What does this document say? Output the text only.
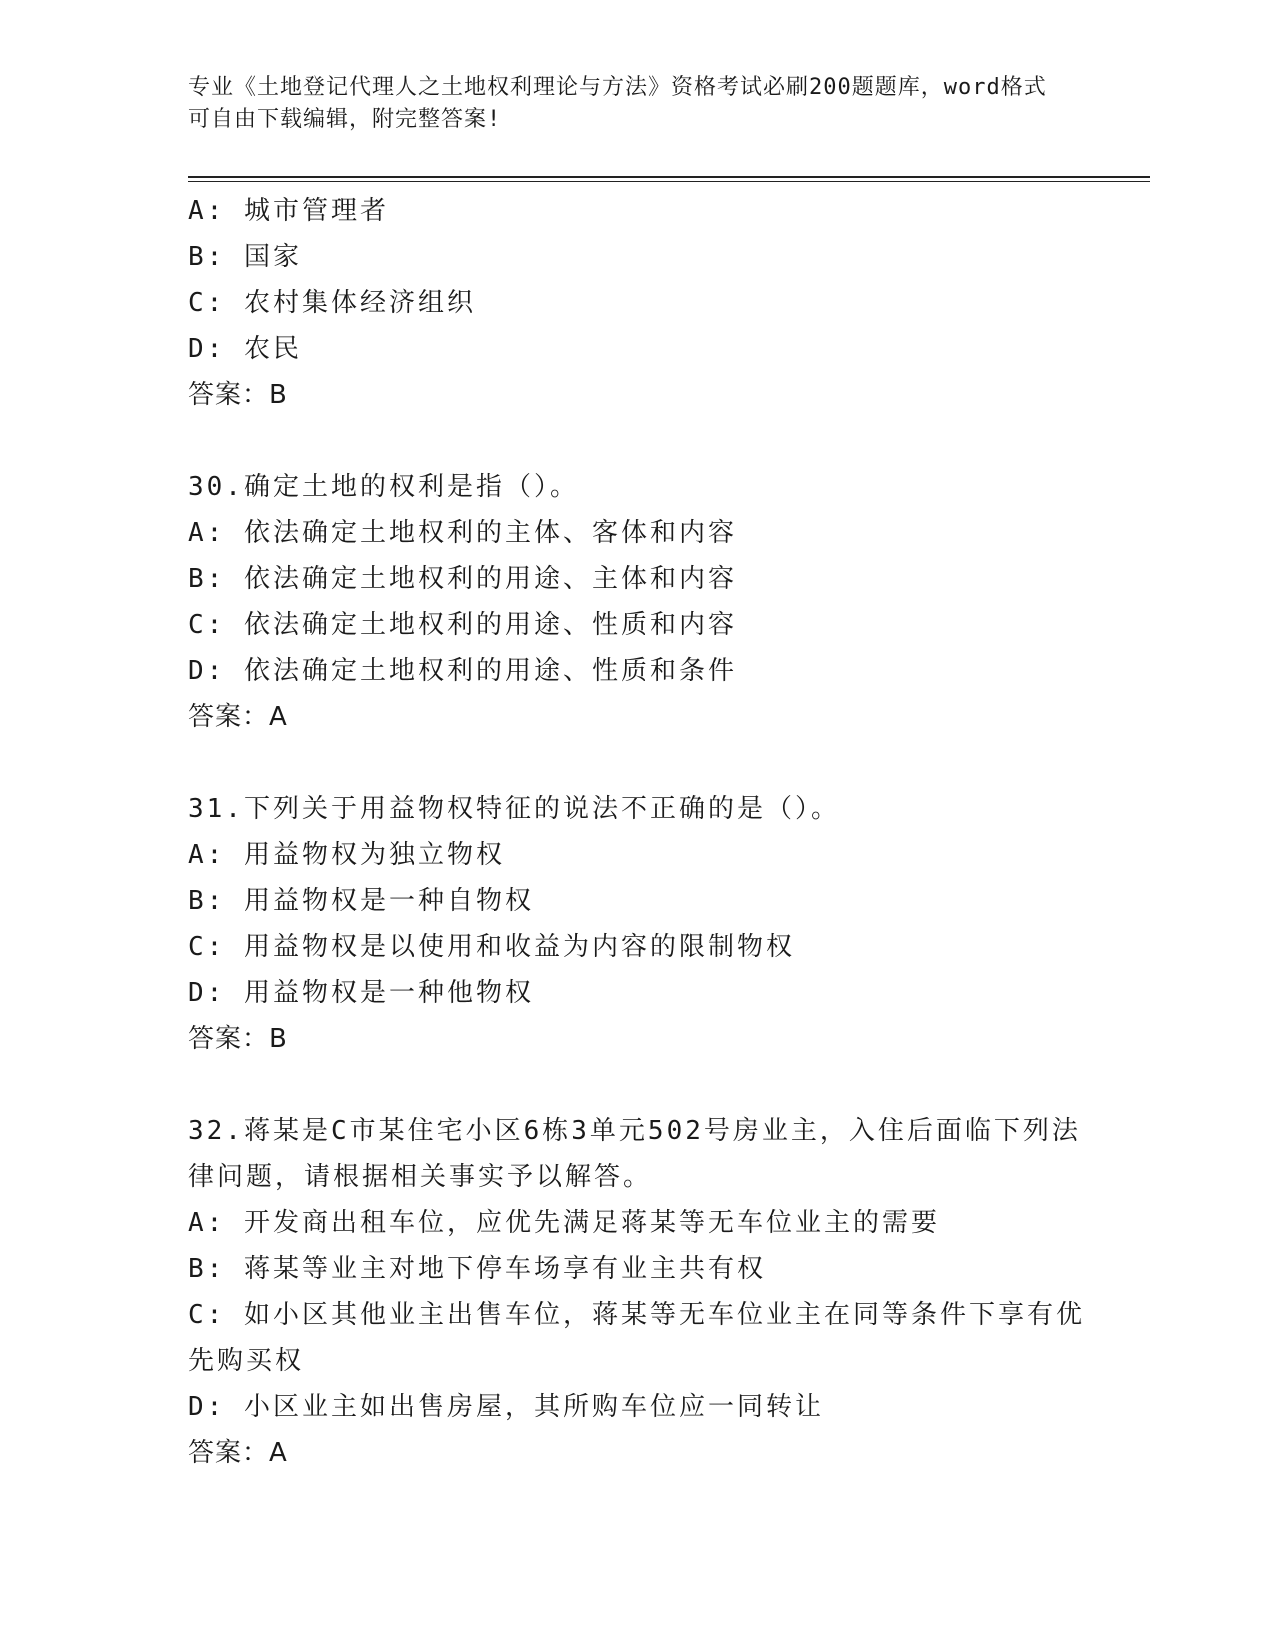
专业《土地登记代理人之土地权利理论与方法》资格考试必刷200题题库，word格式可自由下载编辑，附完整答案!
A: 城市管理者
B: 国家
C: 农村集体经济组织
D: 农民
答案：B
30.确定土地的权利是指（）。
A: 依法确定土地权利的主体、客体和内容
B: 依法确定土地权利的用途、主体和内容
C: 依法确定土地权利的用途、性质和内容
D: 依法确定土地权利的用途、性质和条件
答案：A
31.下列关于用益物权特征的说法不正确的是（）。
A: 用益物权为独立物权
B: 用益物权是一种自物权
C: 用益物权是以使用和收益为内容的限制物权
D: 用益物权是一种他物权
答案：B
32.蒋某是C市某住宅小区6栋3单元502号房业主，入住后面临下列法律问题，请根据相关事实予以解答。
A: 开发商出租车位，应优先满足蒋某等无车位业主的需要
B: 蒋某等业主对地下停车场享有业主共有权
C: 如小区其他业主出售车位，蒋某等无车位业主在同等条件下享有优先购买权
D: 小区业主如出售房屋，其所购车位应一同转让
答案：A
